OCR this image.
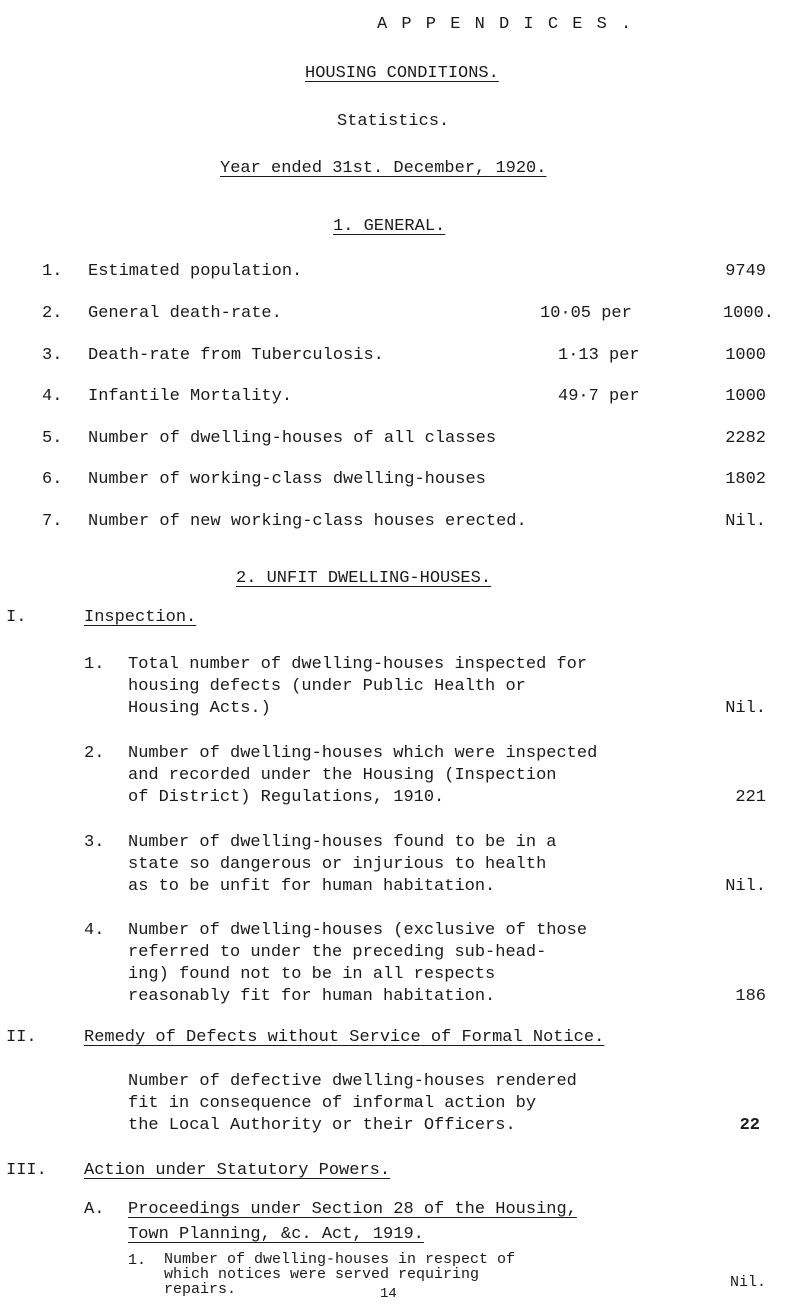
A P P E N D I C E S .
HOUSING CONDITIONS.
Statistics.
Year ended 31st. December, 1920.
1. GENERAL.
1. Estimated population.	9749
2. General death-rate.	10·05 per	1000.
3. Death-rate from Tuberculosis.	1·13 per	1000
4. Infantile Mortality.	49·7 per	1000
5. Number of dwelling-houses of all classes	2282
6. Number of working-class dwelling-houses	1802
7. Number of new working-class houses erected.	Nil.
2. UNFIT DWELLING-HOUSES.
I.	Inspection.
1. Total number of dwelling-houses inspected for
housing defects (under Public Health or
Housing Acts.)	Nil.
2. Number of dwelling-houses which were inspected
and recorded under the Housing (Inspection
of District) Regulations, 1910.	221
3. Number of dwelling-houses found to be in a
state so dangerous or injurious to health
as to be unfit for human habitation.	Nil.
4. Number of dwelling-houses (exclusive of those
referred to under the preceding sub-head-
ing) found not to be in all respects
reasonably fit for human habitation.	186
II.	Remedy of Defects without Service of Formal Notice.
Number of defective dwelling-houses rendered
fit in consequence of informal action by
the Local Authority or their Officers.	22
III. Action under Statutory Powers.
A. Proceedings under Section 28 of the Housing,
Town Planning, &c. Act, 1919.
1. Number of dwelling-houses in respect of
which notices were served requiring
repairs.	Nil.
14
